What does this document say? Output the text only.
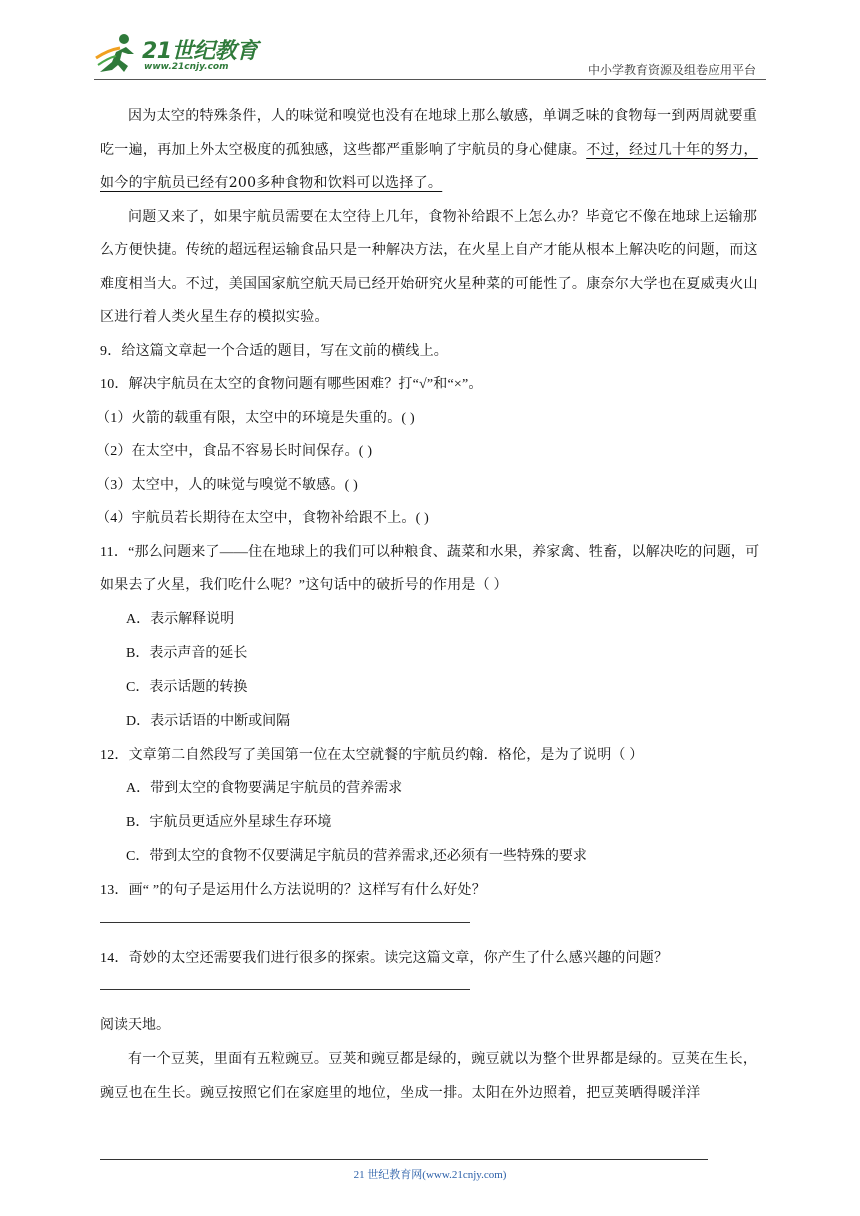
21世纪教育
www.21cnjy.com	中小学教育资源及组卷应用平台

因为太空的特殊条件，人的味觉和嗅觉也没有在地球上那么敏感，单调乏味的食物每一到两周就要重吃一遍，再加上外太空极度的孤独感，这些都严重影响了宇航员的身心健康。不过，经过几十年的努力，如今的宇航员已经有200多种食物和饮料可以选择了。

问题又来了，如果宇航员需要在太空待上几年，食物补给跟不上怎么办？毕竟它不像在地球上运输那么方便快捷。传统的超远程运输食品只是一种解决方法，在火星上自产才能从根本上解决吃的问题，而这难度相当大。不过，美国国家航空航天局已经开始研究火星种菜的可能性了。康奈尔大学也在夏威夷火山区进行着人类火星生存的模拟实验。

9．给这篇文章起一个合适的题目，写在文前的横线上。

10．解决宇航员在太空的食物问题有哪些困难？打“√”和“×”。

（1）火箭的载重有限，太空中的环境是失重的。( )

（2）在太空中，食品不容易长时间保存。( )

（3）太空中，人的味觉与嗅觉不敏感。( )

（4）宇航员若长期待在太空中，食物补给跟不上。( )

11．“那么问题来了——住在地球上的我们可以种粮食、蔬菜和水果，养家禽、牲畜，以解决吃的问题，可如果去了火星，我们吃什么呢？”这句话中的破折号的作用是（ ）

A．表示解释说明

B．表示声音的延长

C．表示话题的转换

D．表示话语的中断或间隔

12．文章第二自然段写了美国第一位在太空就餐的宇航员约翰．格伦，是为了说明（ ）

A．带到太空的食物要满足宇航员的营养需求

B．宇航员更适应外星球生存环境

C．带到太空的食物不仅要满足宇航员的营养需求,还必须有一些特殊的要求

13．画“ ”的句子是运用什么方法说明的？这样写有什么好处？

14．奇妙的太空还需要我们进行很多的探索。读完这篇文章，你产生了什么感兴趣的问题？

阅读天地。

有一个豆荚，里面有五粒豌豆。豆荚和豌豆都是绿的，豌豆就以为整个世界都是绿的。豆荚在生长，豌豆也在生长。豌豆按照它们在家庭里的地位，坐成一排。太阳在外边照着，把豆荚晒得暖洋洋

21 世纪教育网(www.21cnjy.com)
